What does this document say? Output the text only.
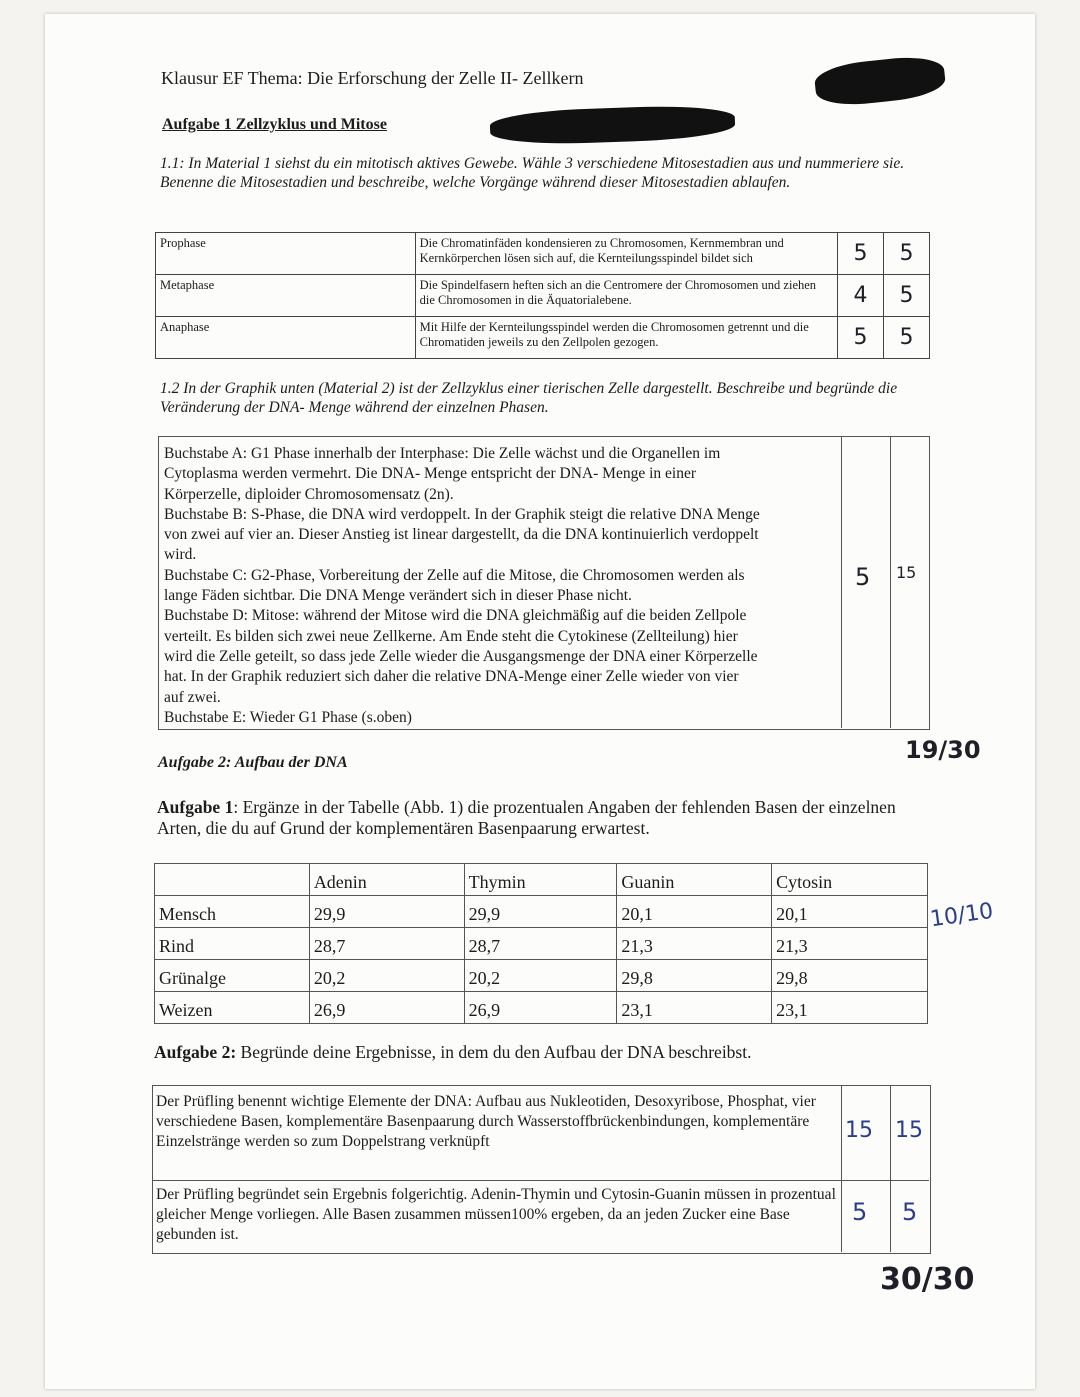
Klausur EF Thema: Die Erforschung der Zelle II- Zellkern
Aufgabe 1 Zellzyklus und Mitose
1.1: In Material 1 siehst du ein mitotisch aktives Gewebe. Wähle 3 verschiedene Mitosestadien aus und nummeriere sie. Benenne die Mitosestadien und beschreibe, welche Vorgänge während dieser Mitosestadien ablaufen.
Prophase	Die Chromatinfäden kondensieren zu Chromosomen, Kernmembran und Kernkörperchen lösen sich auf, die Kernteilungsspindel bildet sich	5	5
Metaphase	Die Spindelfasern heften sich an die Centromere der Chromosomen und ziehen die Chromosomen in die Äquatorialebene.	4	5
Anaphase	Mit Hilfe der Kernteilungsspindel werden die Chromosomen getrennt und die Chromatiden jeweils zu den Zellpolen gezogen.	5	5
1.2 In der Graphik unten (Material 2) ist der Zellzyklus einer tierischen Zelle dargestellt. Beschreibe und begründe die Veränderung der DNA- Menge während der einzelnen Phasen.
Buchstabe A: G1 Phase innerhalb der Interphase: Die Zelle wächst und die Organellen im
Cytoplasma werden vermehrt. Die DNA- Menge entspricht der DNA- Menge in einer
Körperzelle, diploider Chromosomensatz (2n).
Buchstabe B: S-Phase, die DNA wird verdoppelt. In der Graphik steigt die relative DNA Menge
von zwei auf vier an. Dieser Anstieg ist linear dargestellt, da die DNA kontinuierlich verdoppelt
wird.
Buchstabe C: G2-Phase, Vorbereitung der Zelle auf die Mitose, die Chromosomen werden als
lange Fäden sichtbar. Die DNA Menge verändert sich in dieser Phase nicht.
Buchstabe D: Mitose: während der Mitose wird die DNA gleichmäßig auf die beiden Zellpole
verteilt. Es bilden sich zwei neue Zellkerne. Am Ende steht die Cytokinese (Zellteilung) hier
wird die Zelle geteilt, so dass jede Zelle wieder die Ausgangsmenge der DNA einer Körperzelle
hat. In der Graphik reduziert sich daher die relative DNA-Menge einer Zelle wieder von vier
auf zwei.
Buchstabe E: Wieder G1 Phase (s.oben)
5 15
19/30
Aufgabe 2: Aufbau der DNA
Aufgabe 1: Ergänze in der Tabelle (Abb. 1) die prozentualen Angaben der fehlenden Basen der einzelnen Arten, die du auf Grund der komplementären Basenpaarung erwartest.
	Adenin	Thymin	Guanin	Cytosin
Mensch	29,9	29,9	20,1	20,1
Rind	28,7	28,7	21,3	21,3
Grünalge	20,2	20,2	29,8	29,8
Weizen	26,9	26,9	23,1	23,1
10/10
Aufgabe 2: Begründe deine Ergebnisse, in dem du den Aufbau der DNA beschreibst.
Der Prüfling benennt wichtige Elemente der DNA: Aufbau aus Nukleotiden, Desoxyribose, Phosphat, vier verschiedene Basen, komplementäre Basenpaarung durch Wasserstoffbrückenbindungen, komplementäre Einzelstränge werden so zum Doppelstrang verknüpft	15 15
Der Prüfling begründet sein Ergebnis folgerichtig. Adenin-Thymin und Cytosin-Guanin müssen in prozentual gleicher Menge vorliegen. Alle Basen zusammen müssen100% ergeben, da an jeden Zucker eine Base gebunden ist.
5 5
30/30
